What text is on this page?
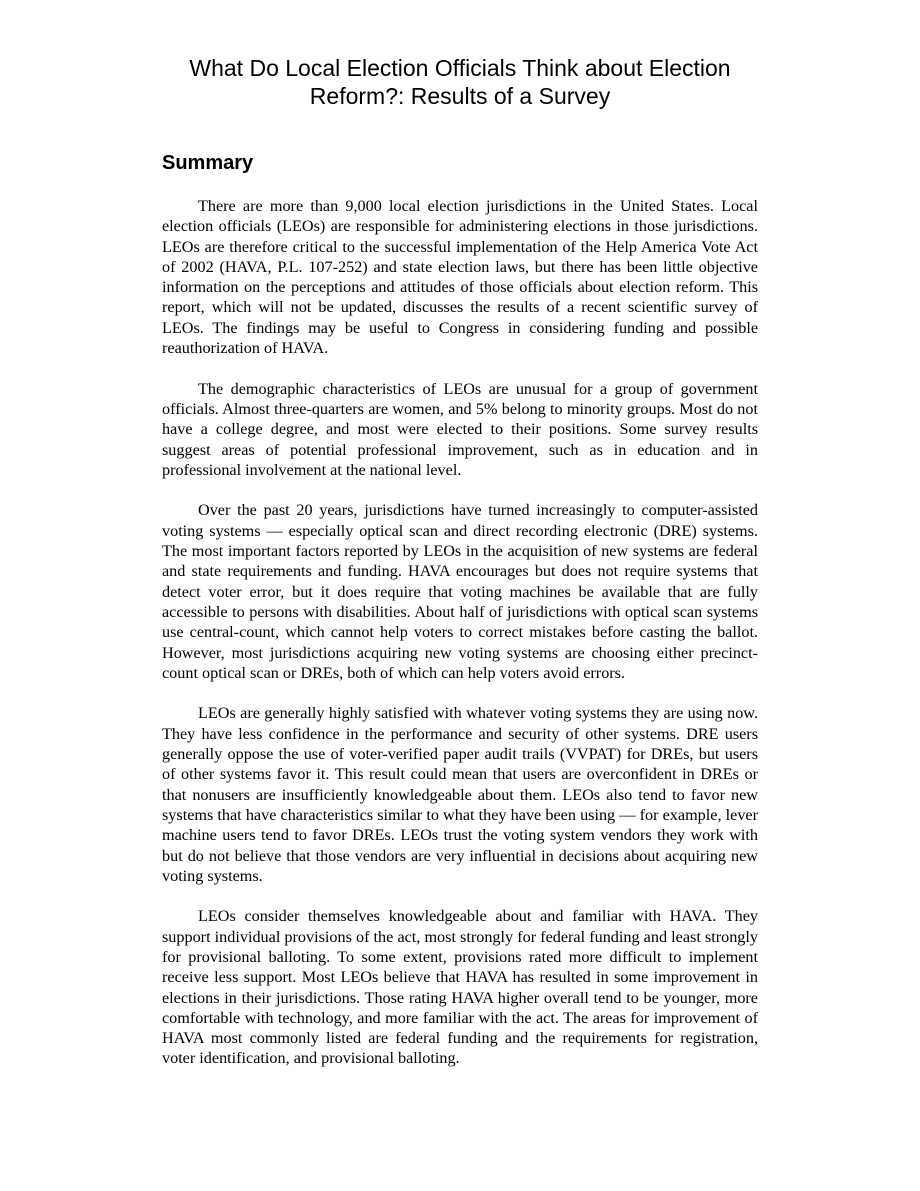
What Do Local Election Officials Think about Election
Reform?: Results of a Survey
Summary

There are more than 9,000 local election jurisdictions in the United States. Local election officials (LEOs) are responsible for administering elections in those jurisdictions. LEOs are therefore critical to the successful implementation of the Help America Vote Act of 2002 (HAVA, P.L. 107-252) and state election laws, but there has been little objective information on the perceptions and attitudes of those officials about election reform. This report, which will not be updated, discusses the results of a recent scientific survey of LEOs. The findings may be useful to Congress in considering funding and possible reauthorization of HAVA.

The demographic characteristics of LEOs are unusual for a group of government officials. Almost three-quarters are women, and 5% belong to minority groups. Most do not have a college degree, and most were elected to their positions. Some survey results suggest areas of potential professional improvement, such as in education and in professional involvement at the national level.

Over the past 20 years, jurisdictions have turned increasingly to computer-assisted voting systems — especially optical scan and direct recording electronic (DRE) systems. The most important factors reported by LEOs in the acquisition of new systems are federal and state requirements and funding. HAVA encourages but does not require systems that detect voter error, but it does require that voting machines be available that are fully accessible to persons with disabilities. About half of jurisdictions with optical scan systems use central-count, which cannot help voters to correct mistakes before casting the ballot. However, most jurisdictions acquiring new voting systems are choosing either precinct-count optical scan or DREs, both of which can help voters avoid errors.

LEOs are generally highly satisfied with whatever voting systems they are using now. They have less confidence in the performance and security of other systems. DRE users generally oppose the use of voter-verified paper audit trails (VVPAT) for DREs, but users of other systems favor it. This result could mean that users are overconfident in DREs or that nonusers are insufficiently knowledgeable about them. LEOs also tend to favor new systems that have characteristics similar to what they have been using — for example, lever machine users tend to favor DREs. LEOs trust the voting system vendors they work with but do not believe that those vendors are very influential in decisions about acquiring new voting systems.

LEOs consider themselves knowledgeable about and familiar with HAVA. They support individual provisions of the act, most strongly for federal funding and least strongly for provisional balloting. To some extent, provisions rated more difficult to implement receive less support. Most LEOs believe that HAVA has resulted in some improvement in elections in their jurisdictions. Those rating HAVA higher overall tend to be younger, more comfortable with technology, and more familiar with the act. The areas for improvement of HAVA most commonly listed are federal funding and the requirements for registration, voter identification, and provisional balloting.
